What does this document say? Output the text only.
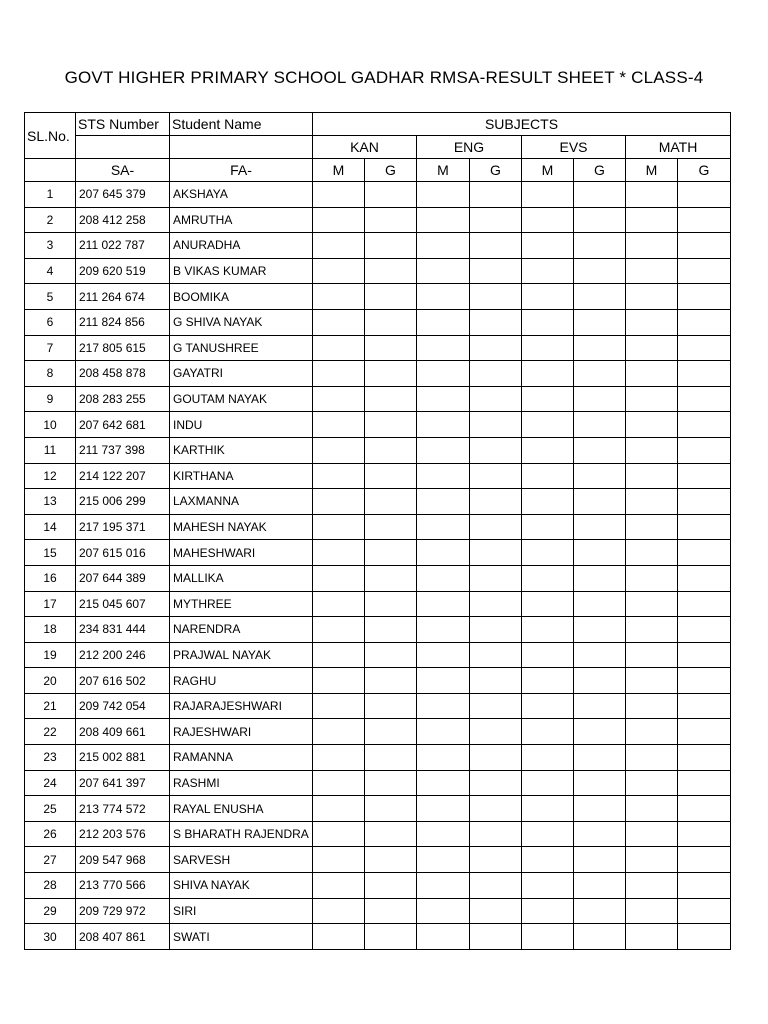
GOVT HIGHER PRIMARY SCHOOL GADHAR RMSA-RESULT SHEET * CLASS-4
SL.No.	STS Number	Student Name	SUBJECTS							
			KAN		ENG		EVS		MATH	
	SA-	FA-	M	G	M	G	M	G	M	G
1	207 645 379	AKSHAYA								
2	208 412 258	AMRUTHA								
3	211 022 787	ANURADHA								
4	209 620 519	B VIKAS KUMAR								
5	211 264 674	BOOMIKA								
6	211 824 856	G SHIVA NAYAK								
7	217 805 615	G TANUSHREE								
8	208 458 878	GAYATRI								
9	208 283 255	GOUTAM NAYAK								
10	207 642 681	INDU								
11	211 737 398	KARTHIK								
12	214 122 207	KIRTHANA								
13	215 006 299	LAXMANNA								
14	217 195 371	MAHESH NAYAK								
15	207 615 016	MAHESHWARI								
16	207 644 389	MALLIKA								
17	215 045 607	MYTHREE								
18	234 831 444	NARENDRA								
19	212 200 246	PRAJWAL NAYAK								
20	207 616 502	RAGHU								
21	209 742 054	RAJARAJESHWARI								
22	208 409 661	RAJESHWARI								
23	215 002 881	RAMANNA								
24	207 641 397	RASHMI								
25	213 774 572	RAYAL ENUSHA								
26	212 203 576	S BHARATH RAJENDRA								
27	209 547 968	SARVESH								
28	213 770 566	SHIVA NAYAK								
29	209 729 972	SIRI								
30	208 407 861	SWATI								
